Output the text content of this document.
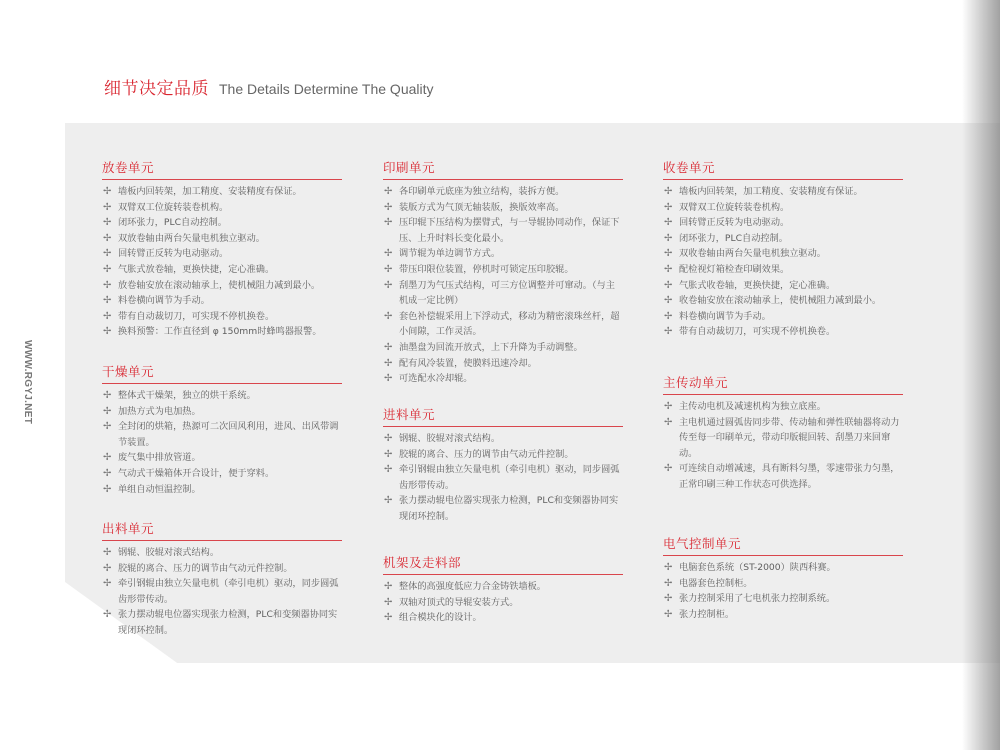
细节决定品质 The Details Determine The Quality
WWW.RGYJ.NET
放卷单元
✢ 墙板内回转架，加工精度、安装精度有保证。
✢ 双臂双工位旋转装卷机构。
✢ 闭环张力，PLC自动控制。
✢ 双放卷轴由两台矢量电机独立驱动。
✢ 回转臂正反转为电动驱动。
✢ 气胀式放卷轴，更换快捷，定心准确。
✢ 放卷轴安放在滚动轴承上，使机械阻力减到最小。
✢ 料卷横向调节为手动。
✢ 带有自动裁切刀，可实现不停机换卷。
✢ 换料预警：工作直径到 φ 150mm时蜂鸣器报警。
干燥单元
✢ 整体式干燥架，独立的烘干系统。
✢ 加热方式为电加热。
✢ 全封闭的烘箱，热源可二次回风利用，进风、出风带调节装置。
✢ 废气集中排放管道。
✢ 气动式干燥箱体开合设计，便于穿料。
✢ 单组自动恒温控制。
出料单元
✢ 钢辊、胶辊对滚式结构。
✢ 胶辊的离合、压力的调节由气动元件控制。
✢ 牵引钢辊由独立矢量电机（牵引电机）驱动，同步圆弧齿形带传动。
✢ 张力摆动辊电位器实现张力检测，PLC和变频器协同实现闭环控制。
印刷单元
✢ 各印刷单元底座为独立结构，装拆方便。
✢ 装版方式为气顶无轴装版，换版效率高。
✢ 压印辊下压结构为摆臂式，与一导辊协同动作，保证下压、上升时料长变化最小。
✢ 调节辊为单边调节方式。
✢ 带压印限位装置，停机时可锁定压印胶辊。
✢ 刮墨刀为气压式结构，可三方位调整并可窜动。（与主机成一定比例）
✢ 套色补偿辊采用上下浮动式，移动为精密滚珠丝杆，超小间隙，工作灵活。
✢ 油墨盘为回流开放式，上下升降为手动调整。
✢ 配有风冷装置，使膜料迅速冷却。
✢ 可选配水冷却辊。
进料单元
✢ 钢辊、胶辊对滚式结构。
✢ 胶辊的离合、压力的调节由气动元件控制。
✢ 牵引钢辊由独立矢量电机（牵引电机）驱动，同步圆弧齿形带传动。
✢ 张力摆动辊电位器实现张力检测，PLC和变频器协同实现闭环控制。
机架及走料部
✢ 整体的高强度低应力合金铸铁墙板。
✢ 双轴对顶式的导辊安装方式。
✢ 组合模块化的设计。
收卷单元
✢ 墙板内回转架，加工精度、安装精度有保证。
✢ 双臂双工位旋转装卷机构。
✢ 回转臂正反转为电动驱动。
✢ 闭环张力，PLC自动控制。
✢ 双收卷轴由两台矢量电机独立驱动。
✢ 配检视灯箱检查印刷效果。
✢ 气胀式收卷轴，更换快捷，定心准确。
✢ 收卷轴安放在滚动轴承上，使机械阻力减到最小。
✢ 料卷横向调节为手动。
✢ 带有自动裁切刀，可实现不停机换卷。
主传动单元
✢ 主传动电机及减速机构为独立底座。
✢ 主电机通过圆弧齿同步带、传动轴和弹性联轴器将动力传至每一印刷单元，带动印版辊回转、刮墨刀来回窜动。
✢ 可连续自动增减速，具有断料匀墨，零速带张力匀墨，正常印刷三种工作状态可供选择。
电气控制单元
✢ 电脑套色系统（ST-2000）陕西科赛。
✢ 电器套色控制柜。
✢ 张力控制采用了七电机张力控制系统。
✢ 张力控制柜。
